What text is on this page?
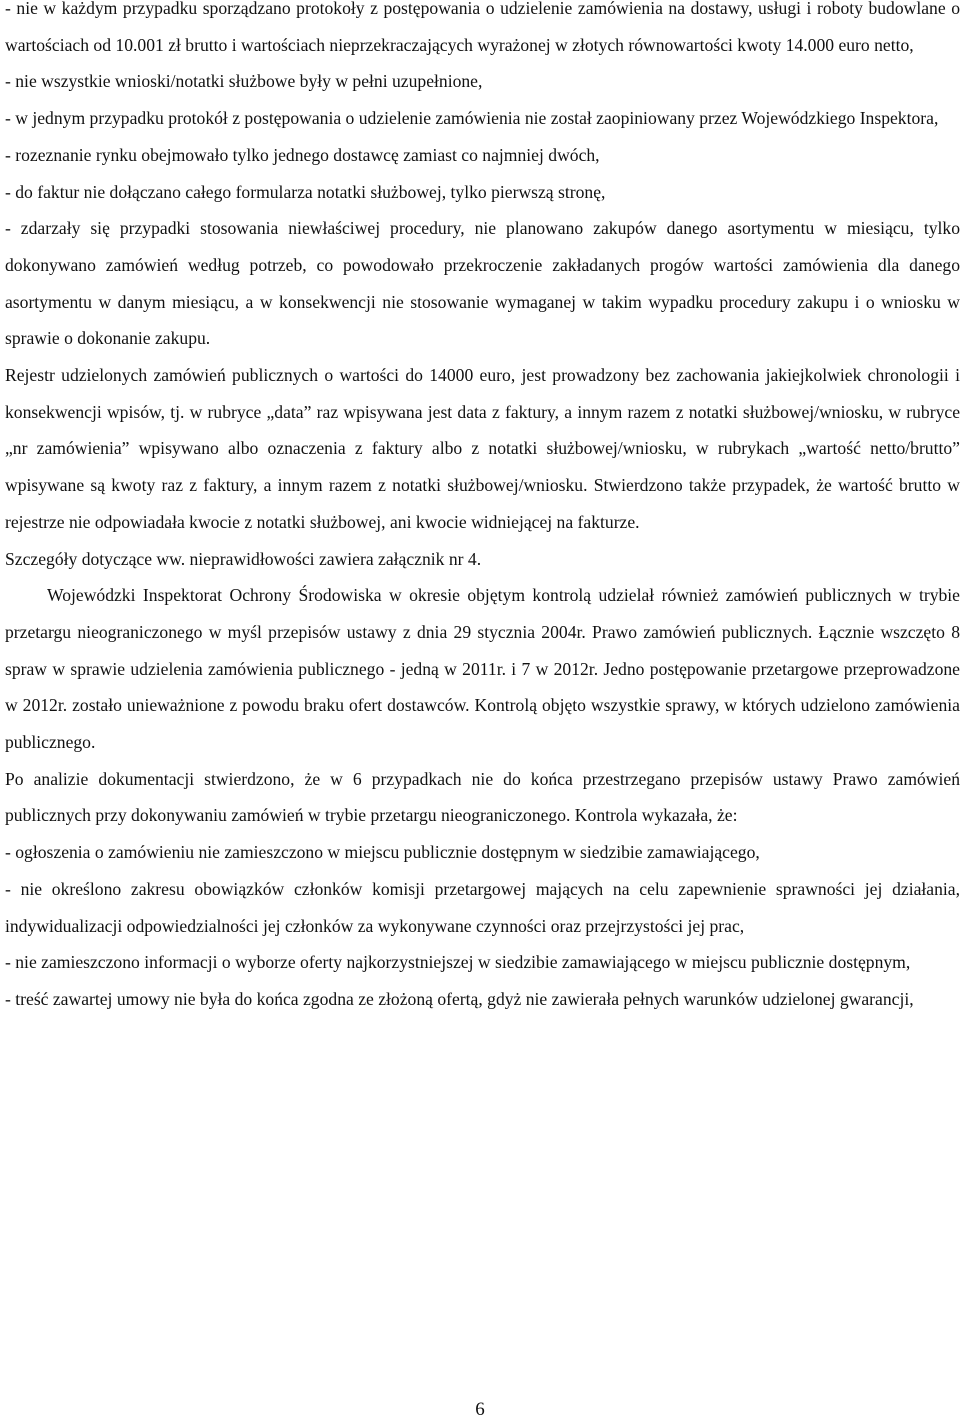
- nie w każdym przypadku sporządzano protokoły z postępowania o udzielenie zamówienia na dostawy, usługi i roboty budowlane o wartościach od 10.001 zł brutto i wartościach nieprzekraczających wyrażonej w złotych równowartości kwoty 14.000 euro netto,

- nie wszystkie wnioski/notatki służbowe były w pełni uzupełnione,

- w jednym przypadku protokół z postępowania o udzielenie zamówienia nie został zaopiniowany przez Wojewódzkiego Inspektora,

- rozeznanie rynku obejmowało tylko jednego dostawcę zamiast co najmniej dwóch,

- do faktur nie dołączano całego formularza notatki służbowej, tylko pierwszą stronę,

- zdarzały się przypadki stosowania niewłaściwej procedury, nie planowano zakupów danego asortymentu w miesiącu, tylko dokonywano zamówień według potrzeb, co powodowało przekroczenie zakładanych progów wartości zamówienia dla danego asortymentu w danym miesiącu, a w konsekwencji nie stosowanie wymaganej w takim wypadku procedury zakupu i o wniosku w sprawie o dokonanie zakupu.

Rejestr udzielonych zamówień publicznych o wartości do 14000 euro, jest prowadzony bez zachowania jakiejkolwiek chronologii i konsekwencji wpisów, tj. w rubryce „data” raz wpisywana jest data z faktury, a innym razem z notatki służbowej/wniosku, w rubryce „nr zamówienia” wpisywano albo oznaczenia z faktury albo z notatki służbowej/wniosku, w rubrykach „wartość netto/brutto” wpisywane są kwoty raz z faktury, a innym razem z notatki służbowej/wniosku. Stwierdzono także przypadek, że wartość brutto w rejestrze nie odpowiadała kwocie z notatki służbowej, ani kwocie widniejącej na fakturze.

Szczegóły dotyczące ww. nieprawidłowości zawiera załącznik nr 4.

Wojewódzki Inspektorat Ochrony Środowiska w okresie objętym kontrolą udzielał również zamówień publicznych w trybie przetargu nieograniczonego w myśl przepisów ustawy z dnia 29 stycznia 2004r. Prawo zamówień publicznych. Łącznie wszczęto 8 spraw w sprawie udzielenia zamówienia publicznego - jedną w 2011r. i 7 w 2012r. Jedno postępowanie przetargowe przeprowadzone w 2012r. zostało unieważnione z powodu braku ofert dostawców. Kontrolą objęto wszystkie sprawy, w których udzielono zamówienia publicznego.

Po analizie dokumentacji stwierdzono, że w 6 przypadkach nie do końca przestrzegano przepisów ustawy Prawo zamówień publicznych przy dokonywaniu zamówień w trybie przetargu nieograniczonego. Kontrola wykazała, że:

- ogłoszenia o zamówieniu nie zamieszczono w miejscu publicznie dostępnym w siedzibie zamawiającego,

- nie określono zakresu obowiązków członków komisji przetargowej mających na celu zapewnienie sprawności jej działania, indywidualizacji odpowiedzialności jej członków za wykonywane czynności oraz przejrzystości jej prac,

- nie zamieszczono informacji o wyborze oferty najkorzystniejszej w siedzibie zamawiającego w miejscu publicznie dostępnym,

- treść zawartej umowy nie była do końca zgodna ze złożoną ofertą, gdyż nie zawierała pełnych warunków udzielonej gwarancji,

6
